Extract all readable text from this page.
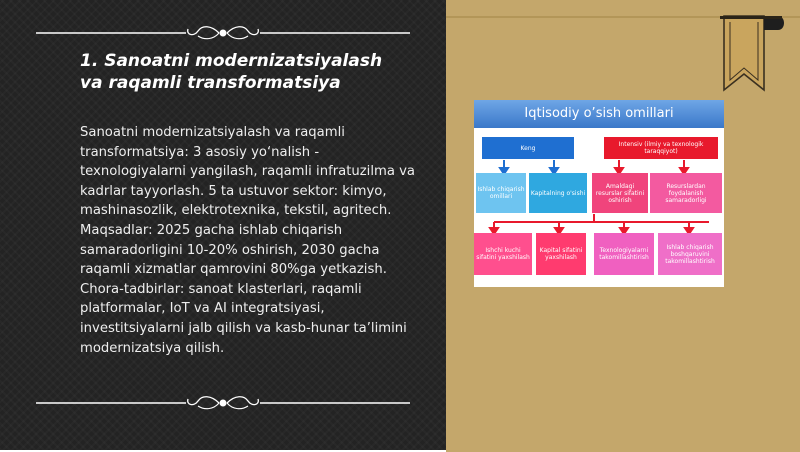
1. Sanoatni modernizatsiyalash va raqamli transformatsiya

Sanoatni modernizatsiyalash va raqamli transformatsiya: 3 asosiy yo‘nalish - texnologiyalarni yangilash, raqamli infratuzilma va kadrlar tayyorlash. 5 ta ustuvor sektor: kimyo, mashinasozlik, elektrotexnika, tekstil, agritech. Maqsadlar: 2025 gacha ishlab chiqarish samaradorligini 10-20% oshirish, 2030 gacha raqamli xizmatlar qamrovini 80%ga yetkazish. Chora-tadbirlar: sanoat klasterlari, raqamli platformalar, IoT va AI integratsiyasi, investitsiyalarni jalb qilish va kasb-hunar ta’limini modernizatsiya qilish.

Iqtisodiy o’sish omillari
Keng	Intensiv (ilmiy va texnologik taraqqiyot)
Ishlab chiqarish omillari	Kapitalning o'sishi
Amaldagi resurslar sifatini oshirish
Resurslardan foydalanish samaradorligi
Ishchi kuchi sifatini yaxshilash
Kapital sifatini yaxshilash
Texnologiyalarni takomillashtirish
Ishlab chiqarish boshqaruvini takomillashtirish
